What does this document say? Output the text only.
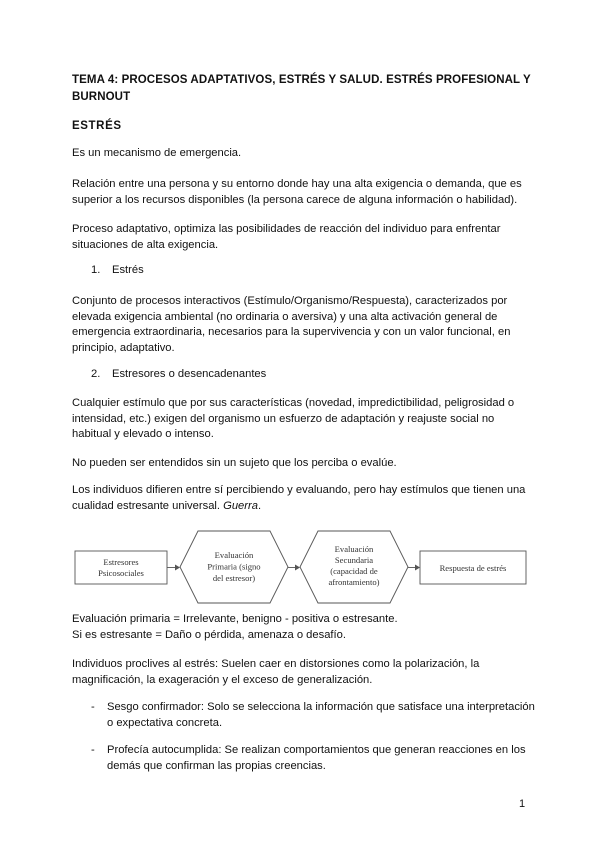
TEMA 4: PROCESOS ADAPTATIVOS, ESTRÉS Y SALUD. ESTRÉS PROFESIONAL Y BURNOUT
ESTRÉS
Es un mecanismo de emergencia.
Relación entre una persona y su entorno donde hay una alta exigencia o demanda, que es superior a los recursos disponibles (la persona carece de alguna información o habilidad).
Proceso adaptativo, optimiza las posibilidades de reacción del individuo para enfrentar situaciones de alta exigencia.
1. Estrés
Conjunto de procesos interactivos (Estímulo/Organismo/Respuesta), caracterizados por elevada exigencia ambiental (no ordinaria o aversiva) y una alta activación general de emergencia extraordinaria, necesarios para la supervivencia y con un valor funcional, en principio, adaptativo.
2. Estresores o desencadenantes
Cualquier estímulo que por sus características (novedad, impredictibilidad, peligrosidad o intensidad, etc.) exigen del organismo un esfuerzo de adaptación y reajuste social no habitual y elevado o intenso.
No pueden ser entendidos sin un sujeto que los perciba o evalúe.
Los individuos difieren entre sí percibiendo y evaluando, pero hay estímulos que tienen una cualidad estresante universal. Guerra.
Estresores
Psicosociales
Evaluación
Primaria (signo
del estresor)
Evaluación
Secundaria
(capacidad de
afrontamiento)
Respuesta de estrés
Evaluación primaria = Irrelevante, benigno - positiva o estresante.
Si es estresante = Daño o pérdida, amenaza o desafío.
Individuos proclives al estrés: Suelen caer en distorsiones como la polarización, la magnificación, la exageración y el exceso de generalización.
- Sesgo confirmador: Solo se selecciona la información que satisface una interpretación o expectativa concreta.
- Profecía autocumplida: Se realizan comportamientos que generan reacciones en los demás que confirman las propias creencias.
1
